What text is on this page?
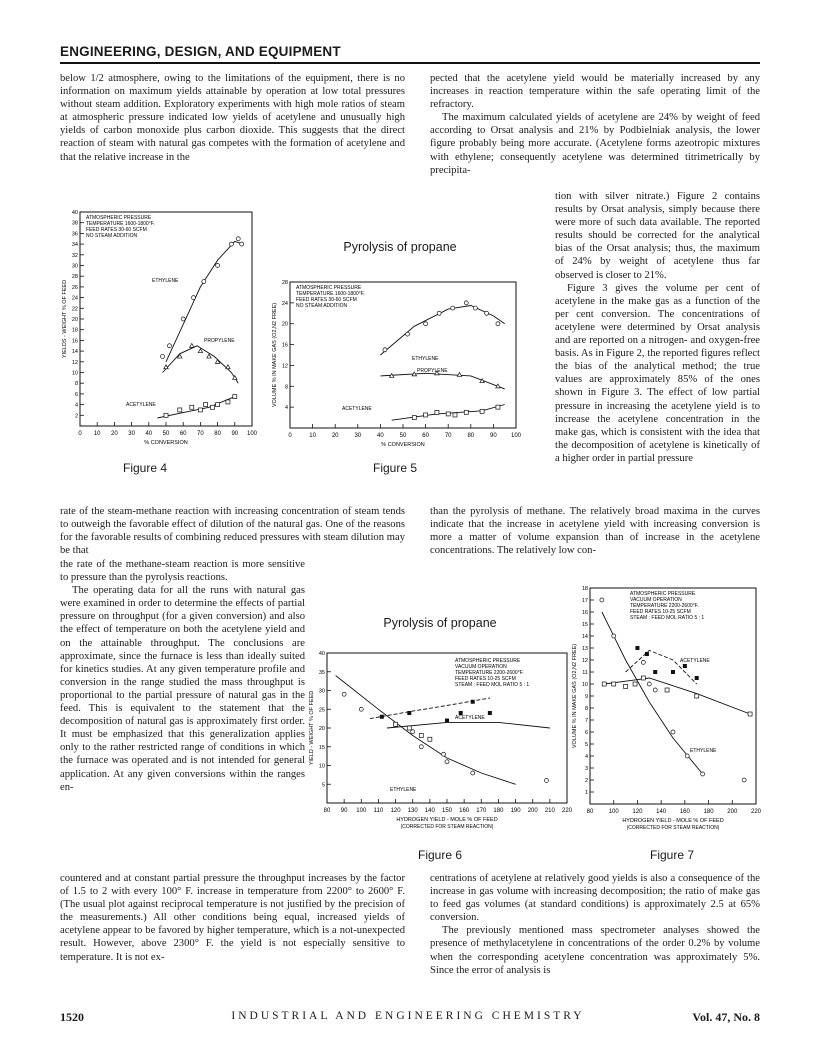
ENGINEERING, DESIGN, AND EQUIPMENT

below 1/2 atmosphere, owing to the limitations of the equipment, there is no information on maximum yields attainable by operation at low total pressures without steam addition. Exploratory experiments with high mole ratios of steam at atmospheric pressure indicated low yields of acetylene and unusually high yields of carbon monoxide plus carbon dioxide. This suggests that the direct reaction of steam with natural gas competes with the formation of acetylene and that the relative increase in the

pected that the acetylene yield would be materially increased by any increases in reaction temperature within the safe operating limit of the refractory.

The maximum calculated yields of acetylene are 24% by weight of feed according to Orsat analysis and 21% by Podbielniak analysis, the lower figure probably being more accurate. (Acetylene forms azeotropic mixtures with ethylene; consequently acetylene was determined titrimetrically by precipita-

tion with silver nitrate.) Figure 2 contains results by Orsat analysis, simply because there were more of such data available. The reported results should be corrected for the analytical bias of the Orsat analysis; thus, the maximum of 24% by weight of acetylene thus far observed is closer to 21%.

Figure 3 gives the volume per cent of acetylene in the make gas as a function of the per cent conversion. The concentrations of acetylene were determined by Orsat analysis and are reported on a nitrogen- and oxygen-free basis. As in Figure 2, the reported figures reflect the bias of the analytical method; the true values are approximately 85% of the ones shown in Figure 3. The effect of low partial pressure in increasing the acetylene yield is to increase the acetylene concentration in the make gas, which is consistent with the idea that the decomposition of acetylene is kinetically of a higher order in partial pressure

Pyrolysis of propane
0 10 20 30 40 50 60 70 80 90 100
2
4
6
8
10
12
14
16
18
20
22
24
26
28
30
32
34
36
38
40
% CONVERSION
YIELDS - WEIGHT % OF FEED
ATMOSPHERIC PRESSURE
TEMPERATURE 1600-1800°F.
FEED RATES 30-60 SCFM
NO STEAM ADDITION
ETHYLENE
PROPYLENE
ACETYLENE
0	10	20	30	40	50	60	70	80	90 100
4
8
12
16
20
24
28
% CONVERSION
VOLUME % IN MAKE GAS (O2,N2 FREE)
ATMOSPHERIC PRESSURE
TEMPERATURE 1600-1800°F.
FEED RATES 30-60 SCFM
NO STEAM ADDITION
ETHYLENE
PROPYLENE
ACETYLENE
Figure 4	Figure 5

rate of the steam-methane reaction with increasing concentration of steam tends to outweigh the favorable effect of dilution of the natural gas. One of the reasons for the favorable results of combining reduced pressures with steam dilution may be that

than the pyrolysis of methane. The relatively broad maxima in the curves indicate that the increase in acetylene yield with increasing conversion is more a matter of volume expansion than of increase in the acetylene concentrations. The relatively low con-

the rate of the methane-steam reaction is more sensitive to pressure than the pyrolysis reactions.

The operating data for all the runs with natural gas were examined in order to determine the effects of partial pressure on throughput (for a given conversion) and also the effect of temperature on both the acetylene yield and on the attainable throughput. The conclusions are approximate, since the furnace is less than ideally suited for kinetics studies. At any given temperature profile and conversion in the range studied the mass throughput is proportional to the partial pressure of natural gas in the feed. This is equivalent to the statement that the decomposition of natural gas is approximately first order. It must be emphasized that this generalization applies only to the rather restricted range of conditions in which the furnace was operated and is not intended for general application. At any given conversions within the ranges en-

Pyrolysis of propane
80 90 100 110 120 130 140 150 160 170 180 190 200 210 220
5
10
15
20
25
30
35
40
HYDROGEN YIELD - MOLE % OF FEED
(CORRECTED FOR STEAM REACTION)
YIELD - WEIGHT % OF FEED
ATMOSPHERIC PRESSURE
VACUUM OPERATION
TEMPERATURE 2200-2600°F.
FEED RATES 10-25 SCFM
STEAM : FEED MOL RATIO 5 : 1
ACETYLENE
ETHYLENE
80	100 120 140 160 180 200 220
1
2
3
4
5
6
7
8
9
10
11
12
13
14
15
16
17
18
HYDROGEN YIELD - MOLE % OF FEED
(CORRECTED FOR STEAM REACTION)
VOLUME % IN MAKE GAS (O2,N2 FREE)
ATMOSPHERIC PRESSURE
VACUUM OPERATION
TEMPERATURE 2200-2600°F.
FEED RATES 10-25 SCFM
STEAM : FEED MOL RATIO 5 : 1
ACETYLENE
ETHYLENE
Figure 6	Figure 7

countered and at constant partial pressure the throughput increases by the factor of 1.5 to 2 with every 100° F. increase in temperature from 2200° to 2600° F. (The usual plot against reciprocal temperature is not justified by the precision of the measurements.) All other conditions being equal, increased yields of acetylene appear to be favored by higher temperature, which is a not-unexpected result. However, above 2300° F. the yield is not especially sensitive to temperature. It is not ex-

centrations of acetylene at relatively good yields is also a consequence of the increase in gas volume with increasing decomposition; the ratio of make gas to feed gas volumes (at standard conditions) is approximately 2.5 at 65% conversion.

The previously mentioned mass spectrometer analyses showed the presence of methylacetylene in concentrations of the order 0.2% by volume when the corresponding acetylene concentration was approximately 5%. Since the error of analysis is

1520	INDUSTRIAL AND ENGINEERING CHEMISTRY	Vol. 47, No. 8
